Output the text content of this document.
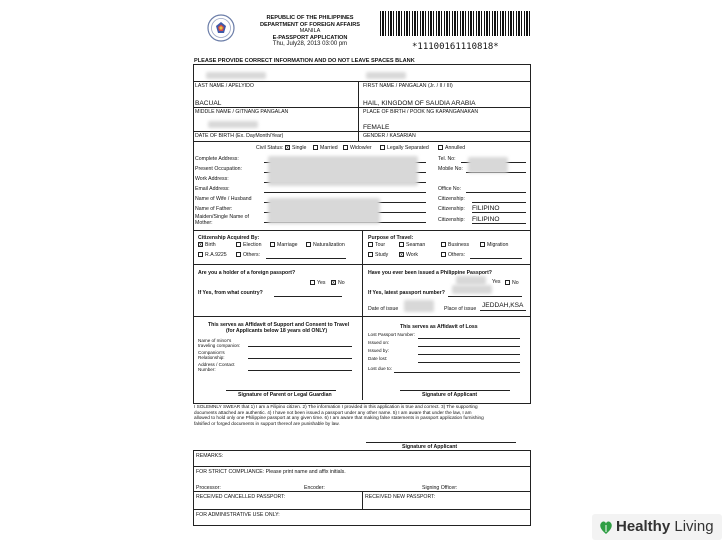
REPUBLIC OF THE PHILIPPINES
DEPARTMENT OF FOREIGN AFFAIRS
MANILA
E-PASSPORT APPLICATION
Thu, July28, 2013 03:00 pm	*11100161110818*
PLEASE PROVIDE CORRECT INFORMATION AND DO NOT LEAVE SPACES BLANK
LAST NAME / APELYIDO	FIRST NAME / PANGALAN (Jr. / II / III)
BACUAL	HAIL, KINGDOM OF SAUDIA ARABIA
MIDDLE NAME / GITNANG PANGALAN	PLACE OF BIRTH / POOK NG KAPANGANAKAN
FEMALE
DATE OF BIRTH (Ex. DayMonth/Year)	GENDER / KASARIAN
Civil Status: x Single	Married Widow/er	Legally Separated	Annulled
Complete Address:	Tel. No:
Present Occupation:	Mobile No:
Work Address:
Email Address:	Office No:
Name of Wife / Husband	Citizenship:
Name of Father:	Citizenship: FILIPINO
Maiden/Single Name of Mother:	Citizenship: FILIPINO
Citizenship Acquired By:
x Birth	Election	Marriage	Naturalization
R.A.9225	Others:
Purpose of Travel:
Tour	Seaman	Business	Migration
Study x Work	Others:
Are you a holder of a foreign passport?
Yes x No
If Yes, from what country?
Have you ever been issued a Philippine Passport?
Yes No
If Yes, latest passport number?
Date of issue	Place of issue JEDDAH,KSA
This serves as Affidavit of Support and Consent to Travel
(for Applicants below 18 years old ONLY)
Name of minor's traveling companion:
Companion's Relationship:
Address / Contact Number:
Signature of Parent or Legal Guardian
This serves as Affidavit of Loss
Lost Passport Number:
Issued on:
Issued by:
Date lost:
Lost due to:
Signature of Applicant
I SOLEMNLY SWEAR that 1) I am a Filipino citizen. 2) The information I provided in this application is true and correct. 3) The supporting
documents attached are authentic. 4) I have not been issued a passport under any other name. 5) I am aware that under the law, I am
allowed to hold only one Philippine passport at any given time. 6) I am aware that making false statements in passport application furnishing
falsified or forged documents in support thereof are punishable by law.
Signature of Applicant
REMARKS:
FOR STRICT COMPLIANCE: Please print name and affix initials.
Processor:	Encoder:	Signing Officer:
RECEIVED CANCELLED PASSPORT:	RECEIVED NEW PASSPORT:
FOR ADMINISTRATIVE USE ONLY:
Healthy Living
